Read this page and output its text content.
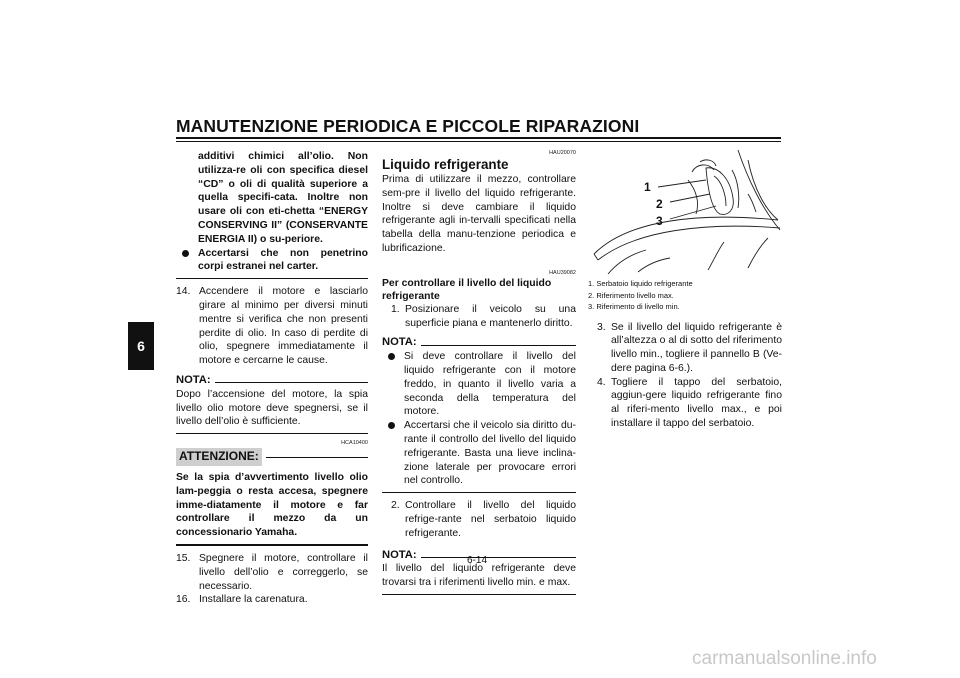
MANUTENZIONE PERIODICA E PICCOLE RIPARAZIONI
6

additivi chimici all’olio. Non utilizza-re oli con specifica diesel “CD” o oli di qualità superiore a quella specifi-cata. Inoltre non usare oli con eti-chetta “ENERGY CONSERVING II” (CONSERVANTE ENERGIA II) o su-periore.

Accertarsi che non penetrino corpi estranei nel carter.
14. Accendere il motore e lasciarlo girare al minimo per diversi minuti mentre si verifica che non presenti perdite di olio. In caso di perdite di olio, spegnere immediatamente il motore e cercarne le cause.
NOTA:

Dopo l’accensione del motore, la spia livello olio motore deve spegnersi, se il livello dell’olio è sufficiente.

HCA10400
ATTENZIONE:

Se la spia d’avvertimento livello olio lam-peggia o resta accesa, spegnere imme-diatamente il motore e far controllare il mezzo da un concessionario Yamaha.

15. Spegnere il motore, controllare il livello dell’olio e correggerlo, se necessario.
16. Installare la carenatura.
HAU20070
Liquido refrigerante

Prima di utilizzare il mezzo, controllare sem-pre il livello del liquido refrigerante. Inoltre si deve cambiare il liquido refrigerante agli in-tervalli specificati nella tabella della manu-tenzione periodica e lubrificazione.

HAU39082
Per controllare il livello del liquido refrigerante
1. Posizionare il veicolo su una superficie piana e mantenerlo diritto.
NOTA:
Si deve controllare il livello del liquido refrigerante con il motore freddo, in quanto il livello varia a seconda della temperatura del motore.
Accertarsi che il veicolo sia diritto du-rante il controllo del livello del liquido refrigerante. Basta una lieve inclina-zione laterale per provocare errori nel controllo.
2. Controllare il livello del liquido refrige-rante nel serbatoio liquido refrigerante.
NOTA:

Il livello del liquido refrigerante deve trovarsi tra i riferimenti livello min. e max.

1
2
3
1. Serbatoio liquido refrigerante
2. Riferimento livello max.
3. Riferimento di livello min.
3. Se il livello del liquido refrigerante è all’altezza o al di sotto del riferimento livello min., togliere il pannello B (Ve-dere pagina 6-6.).
4. Togliere il tappo del serbatoio, aggiun-gere liquido refrigerante fino al riferi-mento livello max., e poi installare il tappo del serbatoio.
6-14
carmanualsonline.info
